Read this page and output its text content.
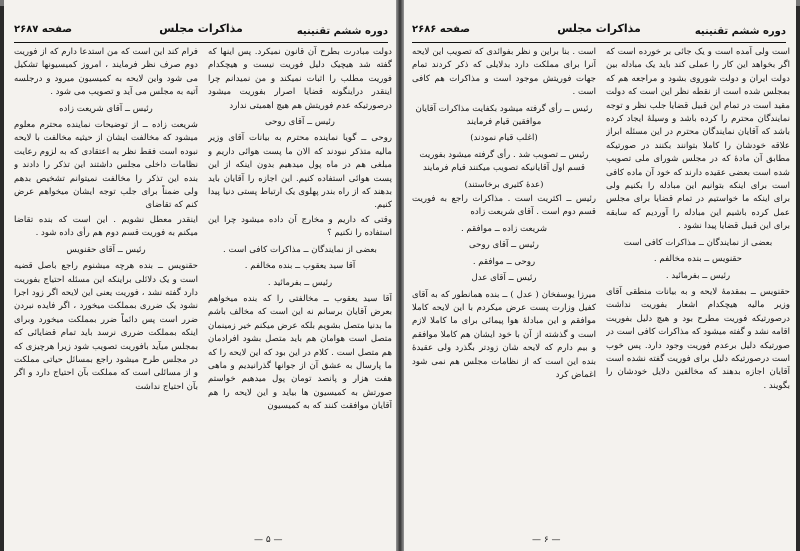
دوره ششم تقنینیه
مذاکرات مجلس
صفحه ۲۶۸۷

دولت مبادرت بطرح آن قانون نمیکرد. پس اینها که گفته شد هیچیک دلیل فوریت نیست و هیچکدام فوریت مطلب را اثبات نمیکند و من نمیدانم چرا اینقدر دراینگونه قضایا اصرار بفوریت میشود درصورتیکه عدم فوریتش هم هیچ اهمیتی ندارد

رئیس ــ آقای روحی

روحی ــ گویا نماینده محترم به بیانات آقای وزیر مالیه متذکر نبودند که الان ما پست هوائی داریم و مبلغی هم در ماه پول میدهیم بدون اینکه از این پست هوائی استفاده کنیم. این اجازه را آقایان باید بدهند که از راه بندر پهلوی یک ارتباط پستی دنیا پیدا کنیم.

وقتی که داریم و مخارج آن داده میشود چرا این استفاده را نکنیم ؟

بعضی از نمایندگان ــ مذاکرات کافی است .

آقا سید یعقوب ــ بنده مخالفم .

رئیس ــ بفرمائید .

آقا سید یعقوب ــ مخالفتی را که بنده میخواهم بعرض آقایان برسانم نه این است که مخالف باشم ما بدنیا متصل بشویم بلکه عرض میکنم خیر زمینمان متصل است هوامان هم باید متصل بشود افرادمان هم متصل است . کلام در این بود که این لایحه را که ما پارسال به عشق آن از جوانها گذرانیدیم و ماهی هفت هزار و پانصد تومان پول میدهیم خواستم صورتش به کمیسیون ها بیاید و این لایحه را هم آقایان موافقت کنند که به کمیسیون

فرام کند این است که من استدعا دارم که از فوریت دوم صرف نظر فرمایند ، امروز کمیسیونها تشکیل می شود واین لایحه به کمیسیون میرود و درجلسه آتیه به مجلس می آید و تصویب می شود .

رئیس ــ آقای شریعت زاده

شریعت زاده ــ از توضیحات نماینده محترم معلوم میشود که مخالفت ایشان از حیثیه مخالفت با لایحه نبوده است فقط نظر به اعتقادی که به لزوم رعایت نظامات داخلی مجلس داشتند این تذکر را دادند و بنده این تذکر را مخالفت نمیتوانم تشخیص بدهم ولی ضمناً برای جلب توجه ایشان میخواهم عرض کنم که تقاضای

اینقدر معطل نشویم . این است که بنده تقاضا میکنم به فوریت قسم دوم هم رأی داده شود .

رئیس ــ آقای حقنویس

حقنویس ــ بنده هرچه میشنوم راجع باصل قضیه است و یک دلائلی براینکه این مسئله احتیاج بفوریت دارد گفته نشد ، فوریت یعنی این لایحه اگر زود اجرا نشود یک ضرری بمملکت میخورد ، اگر فایده نبردن ضرر است پس دائماً ضرر بمملکت میخورد وبرای اینکه بمملکت ضرری نرسد باید تمام قضایائی که بمجلس میآید بافوریت تصویب شود زیرا هرچیزی که در مجلس طرح میشود راجع بمسائل حیاتی مملکت و از مسائلی است که مملکت بآن احتیاج دارد و اگر بآن احتیاج نداشت

— ۵ —
دوره ششم تقنینیه
مذاکرات مجلس
صفحه ۲۶۸۶

است ولی آمده است و یک جائی بر خورده است که اگر بخواهد این کار را عملی کند باید یک مبادله بین دولت ایران و دولت شوروی بشود و مراجعه هم که بمجلس شده است از نقطه نظر این است که دولت مقید است در تمام این قبیل قضایا جلب نظر و توجه نمایندگان محترم را کرده باشد و وسیلهٔ ایجاد کرده باشد که آقایان نمایندگان محترم در این مسئله ابراز علاقه خودشان را کاملا بتوانند بکنند در صورتیکه مطابق آن مادهٔ که در مجلس شورای ملی تصویب شده است بعضی عقیده دارند که خود آن ماده کافی است برای اینکه بتوانیم این مبادله را بکنیم ولی برای اینکه ما خواستیم در تمام قضایا برای مجلس عمل کرده باشیم این مبادله را آوردیم که سابقه برای این قبیل قضایا پیدا نشود .

بعضی از نمایندگان ــ مذاکرات کافی است

حقنویس ــ بنده مخالفم .

رئیس ــ بفرمائید .

حقنویس ــ بمقدمهٔ لایحه و به بیانات منطقی آقای وزیر مالیه هیچکدام اشعار بفوریت نداشت درصورتیکه فوریت مطرح بود و هیچ دلیل بفوریت اقامه نشد و گفته میشود که مذاکرات کافی است در صورتیکه دلیل برعدم فوریت وجود دارد. پس خوب است درصورتیکه دلیل برای فوریت گفته نشده است آقایان اجازه بدهند که مخالفین دلایل خودشان را بگویند .

است . بنا براین و نظر بفوائدی که تصویب این لایحه آنرا برای مملکت دارد بدلایلی که ذکر کردند تمام جهات فوریتش موجود است و مذاکرات هم کافی است .

رئیس ــ رأی گرفته میشود بکفایت مذاکرات آقایان موافقین قیام فرمایند

(اغلب قیام نمودند)

رئیس ــ تصویب شد . رأی گرفته میشود بفوریت قسم اول آقایانیکه تصویب میکنند قیام فرمایند

(عدهٔ کثیری برخاستند)

رئیس ــ اکثریت است . مذاکرات راجع به فوریت قسم دوم است . آقای شریعت زاده

شریعت زاده ــ موافقم .

رئیس ــ آقای روحی

روحی ــ موافقم .

رئیس ــ آقای عدل

میرزا یوسفخان ( عدل ) ــ بنده همانطور که به آقای کفیل وزارت پست عرض میکردم با این لایحه کاملا موافقم و این مبادلهٔ هوا پیمائی برای ما کاملا لازم است و گذشته از آن با خود ایشان هم کاملا موافقم و بیم دارم که لایحه شان زودتر بگذرد ولی عقیدهٔ بنده این است که از نظامات مجلس هم نمی شود اغماض کرد

— ۶ —
